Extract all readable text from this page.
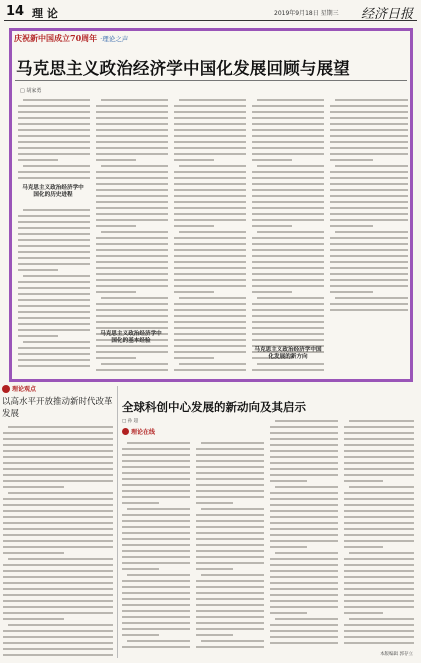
14 理 论	2019年9月18日 星期三 经济日报
庆祝新中国成立70周年 ·理论之声
马克思主义政治经济学中国化发展回顾与展望
□ 胡家勇
马克思主义政治经济学中国化的历史进程
马克思主义政治经济学中国化的基本经验
马克思主义政治经济学中国化发展的新方向
理论观点
以高水平开放推动新时代改革发展	全球科创中心发展的新动向及其启示
□ 孙 超
理论在线
本版编辑 郭存立
